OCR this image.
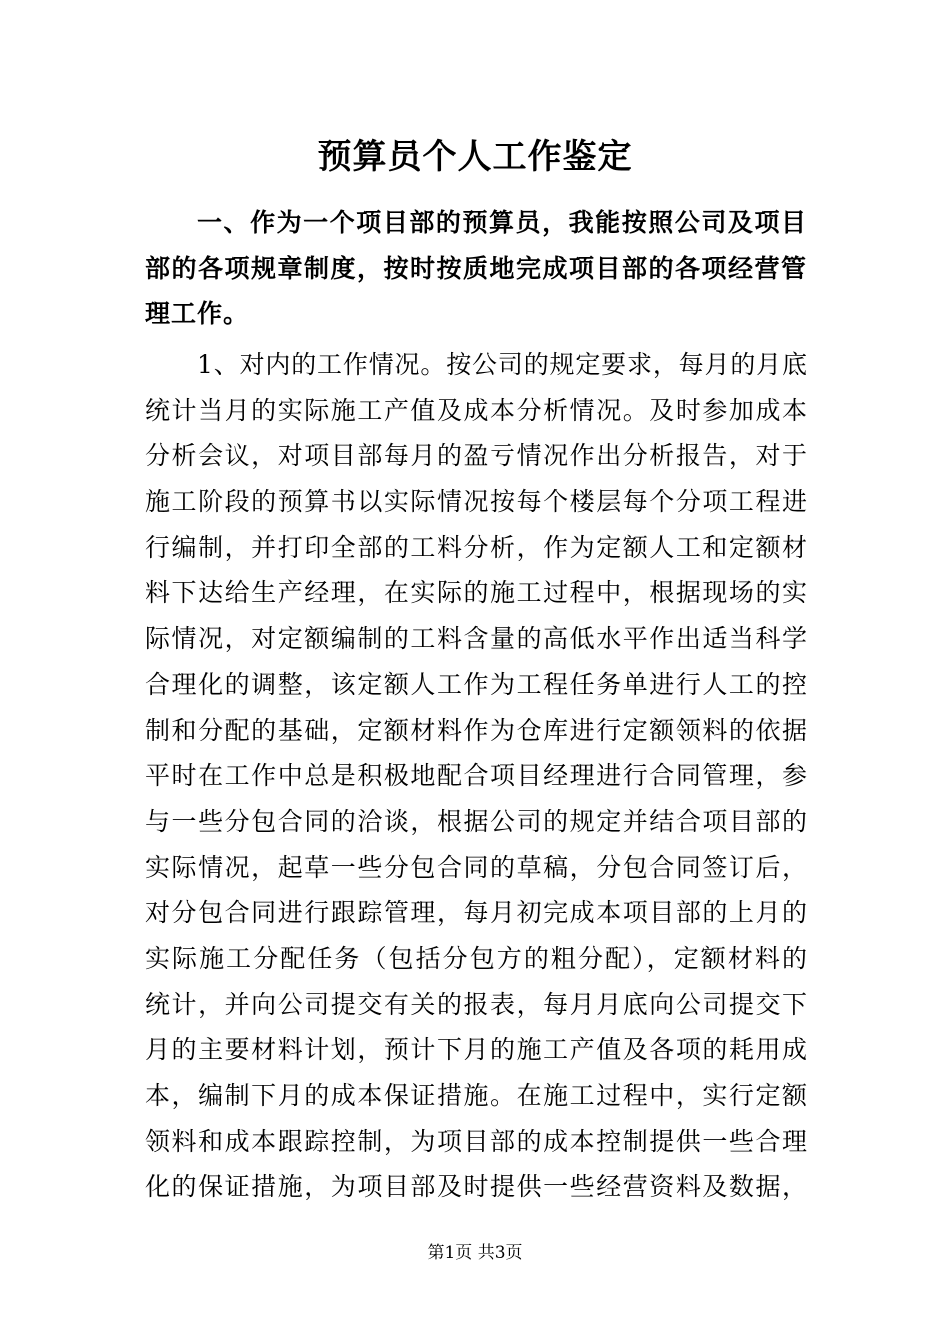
预算员个人工作鉴定
一、作为一个项目部的预算员，我能按照公司及项目部的各项规章制度，按时按质地完成项目部的各项经营管理工作。
1、对内的工作情况。按公司的规定要求，每月的月底
统计当月的实际施工产值及成本分析情况。及时参加成本
分析会议，对项目部每月的盈亏情况作出分析报告，对于
施工阶段的预算书以实际情况按每个楼层每个分项工程进
行编制，并打印全部的工料分析，作为定额人工和定额材
料下达给生产经理，在实际的施工过程中，根据现场的实
际情况，对定额编制的工料含量的高低水平作出适当科学
合理化的调整，该定额人工作为工程任务单进行人工的控
制和分配的基础，定额材料作为仓库进行定额领料的依据
平时在工作中总是积极地配合项目经理进行合同管理，参
与一些分包合同的洽谈，根据公司的规定并结合项目部的
实际情况，起草一些分包合同的草稿，分包合同签订后，
对分包合同进行跟踪管理，每月初完成本项目部的上月的
实际施工分配任务（包括分包方的粗分配），定额材料的
统计，并向公司提交有关的报表，每月月底向公司提交下
月的主要材料计划，预计下月的施工产值及各项的耗用成
本，编制下月的成本保证措施。在施工过程中，实行定额
领料和成本跟踪控制，为项目部的成本控制提供一些合理
化的保证措施，为项目部及时提供一些经营资料及数据，
第1页 共3页
